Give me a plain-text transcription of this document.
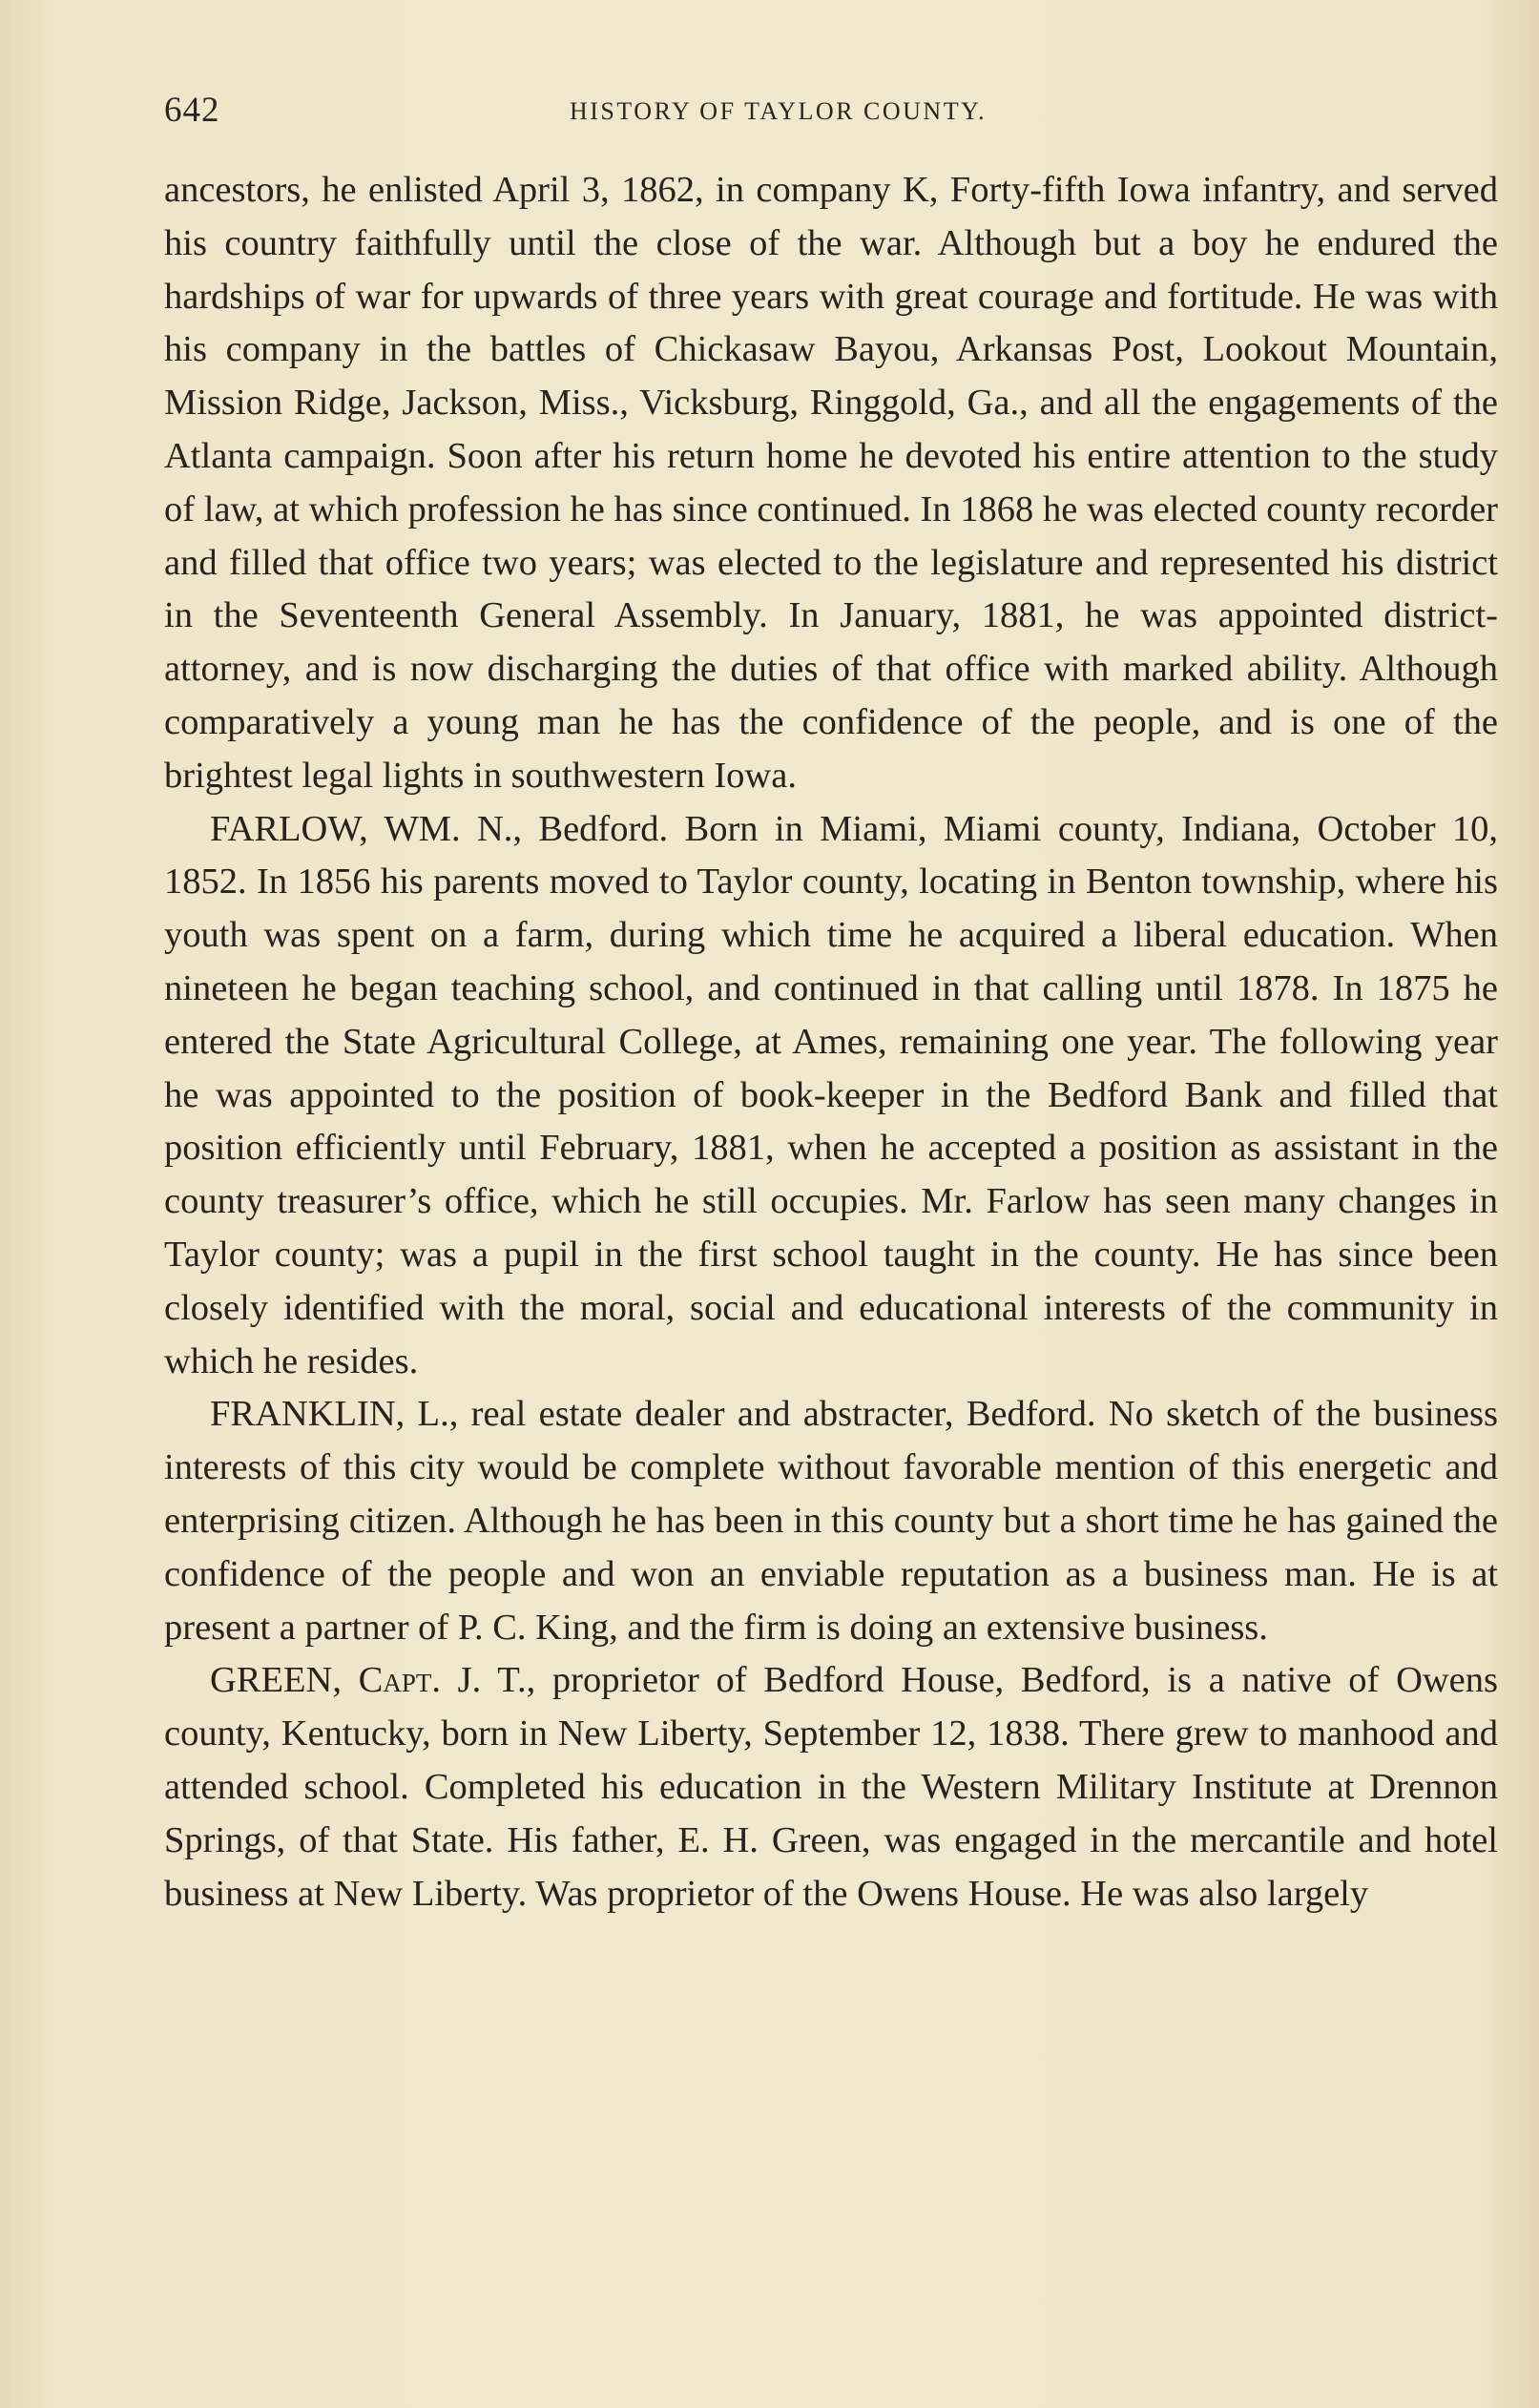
642	HISTORY OF TAYLOR COUNTY.

ancestors, he enlisted April 3, 1862, in company K, Forty-fifth Iowa infantry, and served his country faithfully until the close of the war. Although but a boy he endured the hardships of war for upwards of three years with great courage and fortitude. He was with his company in the battles of Chickasaw Bayou, Arkansas Post, Lookout Mountain, Mission Ridge, Jackson, Miss., Vicksburg, Ringgold, Ga., and all the engagements of the Atlanta campaign. Soon after his return home he devoted his entire attention to the study of law, at which profession he has since continued. In 1868 he was elected county recorder and filled that office two years; was elected to the legislature and represented his district in the Seventeenth General Assembly. In January, 1881, he was appointed district-attorney, and is now discharging the duties of that office with marked ability. Although comparatively a young man he has the confidence of the people, and is one of the brightest legal lights in southwestern Iowa.

FARLOW, WM. N., Bedford. Born in Miami, Miami county, Indiana, October 10, 1852. In 1856 his parents moved to Taylor county, locating in Benton township, where his youth was spent on a farm, during which time he acquired a liberal education. When nineteen he began teaching school, and continued in that calling until 1878. In 1875 he entered the State Agricultural College, at Ames, remaining one year. The following year he was appointed to the position of book-keeper in the Bedford Bank and filled that position efficiently until February, 1881, when he accepted a position as assistant in the county treasurer’s office, which he still occupies. Mr. Farlow has seen many changes in Taylor county; was a pupil in the first school taught in the county. He has since been closely identified with the moral, social and educational interests of the community in which he resides.

FRANKLIN, L., real estate dealer and abstracter, Bedford. No sketch of the business interests of this city would be complete without favorable mention of this energetic and enterprising citizen. Although he has been in this county but a short time he has gained the confidence of the people and won an enviable reputation as a business man. He is at present a partner of P. C. King, and the firm is doing an extensive business.

GREEN, Capt. J. T., proprietor of Bedford House, Bedford, is a native of Owens county, Kentucky, born in New Liberty, September 12, 1838. There grew to manhood and attended school. Completed his education in the Western Military Institute at Drennon Springs, of that State. His father, E. H. Green, was engaged in the mercantile and hotel business at New Liberty. Was proprietor of the Owens House. He was also largely
